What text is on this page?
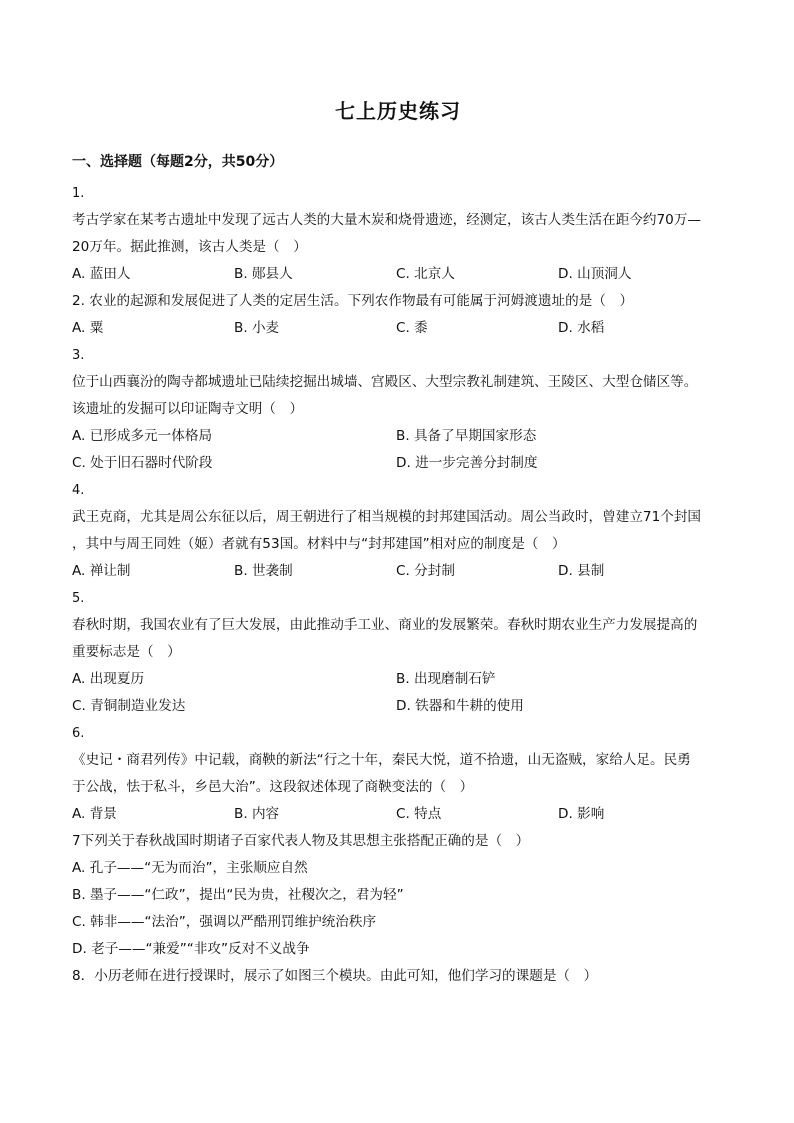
七上历史练习
一、选择题（每题2分，共50分）
1.
考古学家在某考古遗址中发现了远古人类的大量木炭和烧骨遗迹，经测定，该古人类生活在距今约70万—
20万年。据此推测，该古人类是（　）
A. 蓝田人	B. 郧县人	C. 北京人	D. 山顶洞人
2. 农业的起源和发展促进了人类的定居生活。下列农作物最有可能属于河姆渡遗址的是（　）
A. 粟	B. 小麦	C. 黍	D. 水稻
3.
位于山西襄汾的陶寺都城遗址已陆续挖掘出城墙、宫殿区、大型宗教礼制建筑、王陵区、大型仓储区等。
该遗址的发掘可以印证陶寺文明（　）
A. 已形成多元一体格局	B. 具备了早期国家形态
C. 处于旧石器时代阶段	D. 进一步完善分封制度
4.
武王克商，尤其是周公东征以后，周王朝进行了相当规模的封邦建国活动。周公当政时，曾建立71个封国
，其中与周王同姓（姬）者就有53国。材料中与“封邦建国”相对应的制度是（　）
A. 禅让制	B. 世袭制	C. 分封制	D. 县制
5.
春秋时期，我国农业有了巨大发展，由此推动手工业、商业的发展繁荣。春秋时期农业生产力发展提高的
重要标志是（　）
A. 出现夏历	B. 出现磨制石铲
C. 青铜制造业发达	D. 铁器和牛耕的使用
6.
《史记・商君列传》中记载，商鞅的新法“行之十年，秦民大悦，道不拾遗，山无盗贼，家给人足。民勇
于公战，怯于私斗，乡邑大治”。这段叙述体现了商鞅变法的（　）
A. 背景	B. 内容	C. 特点	D. 影响
7下列关于春秋战国时期诸子百家代表人物及其思想主张搭配正确的是（　）
A. 孔子——“无为而治”，主张顺应自然
B. 墨子——“仁政”，提出“民为贵，社稷次之，君为轻”
C. 韩非——“法治”，强调以严酷刑罚维护统治秩序
D. 老子——“兼爱”“非攻”反对不义战争
8．小历老师在进行授课时，展示了如图三个模块。由此可知，他们学习的课题是（　）
